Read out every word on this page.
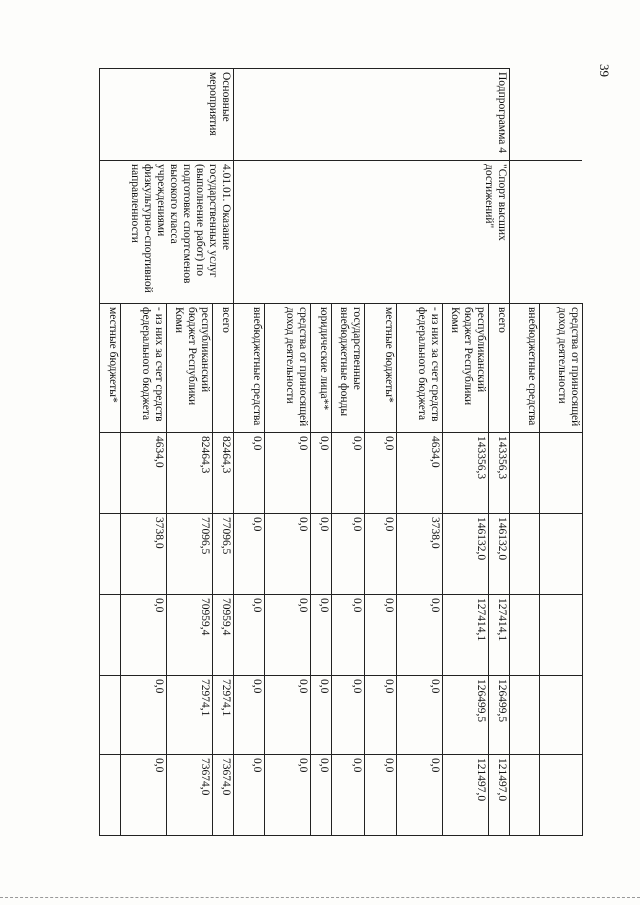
39
		средства от приносящей доход деятельности					
		внебюджетные средства					
Подпрограмма 4	"Спорт высших достижений"	всего	143356,3	146132,0	127414,1	126499,5	121497,0
		республиканский бюджет Республики Коми	143356,3	146132,0	127414,1	126499,5	121497,0
		- из них за счет средств федерального бюджета	4634,0	3738,0	0,0	0,0	0,0
		местные бюджеты*	0,0	0,0	0,0	0,0	0,0
		государственные внебюджетные фонды	0,0	0,0	0,0	0,0	0,0
		юридические лица**	0,0	0,0	0,0	0,0	0,0
		средства от приносящей доход деятельности	0,0	0,0	0,0	0,0	0,0
		внебюджетные средства	0,0	0,0	0,0	0,0	0,0
Основные мероприятия	4.01.01. Оказание государственных услуг (выполнение работ) по подготовке спортсменов высокого класса учреждениями физкультурно-спортивной направленности	всего	82464,3	77096,5	70959,4	72974,1	73674,0
		республиканский бюджет Республики Коми	82464,3	77096,5	70959,4	72974,1	73674,0
		- из них за счет средств федерального бюджета	4634,0	3738,0	0,0	0,0	0,0
		местные бюджеты*					
